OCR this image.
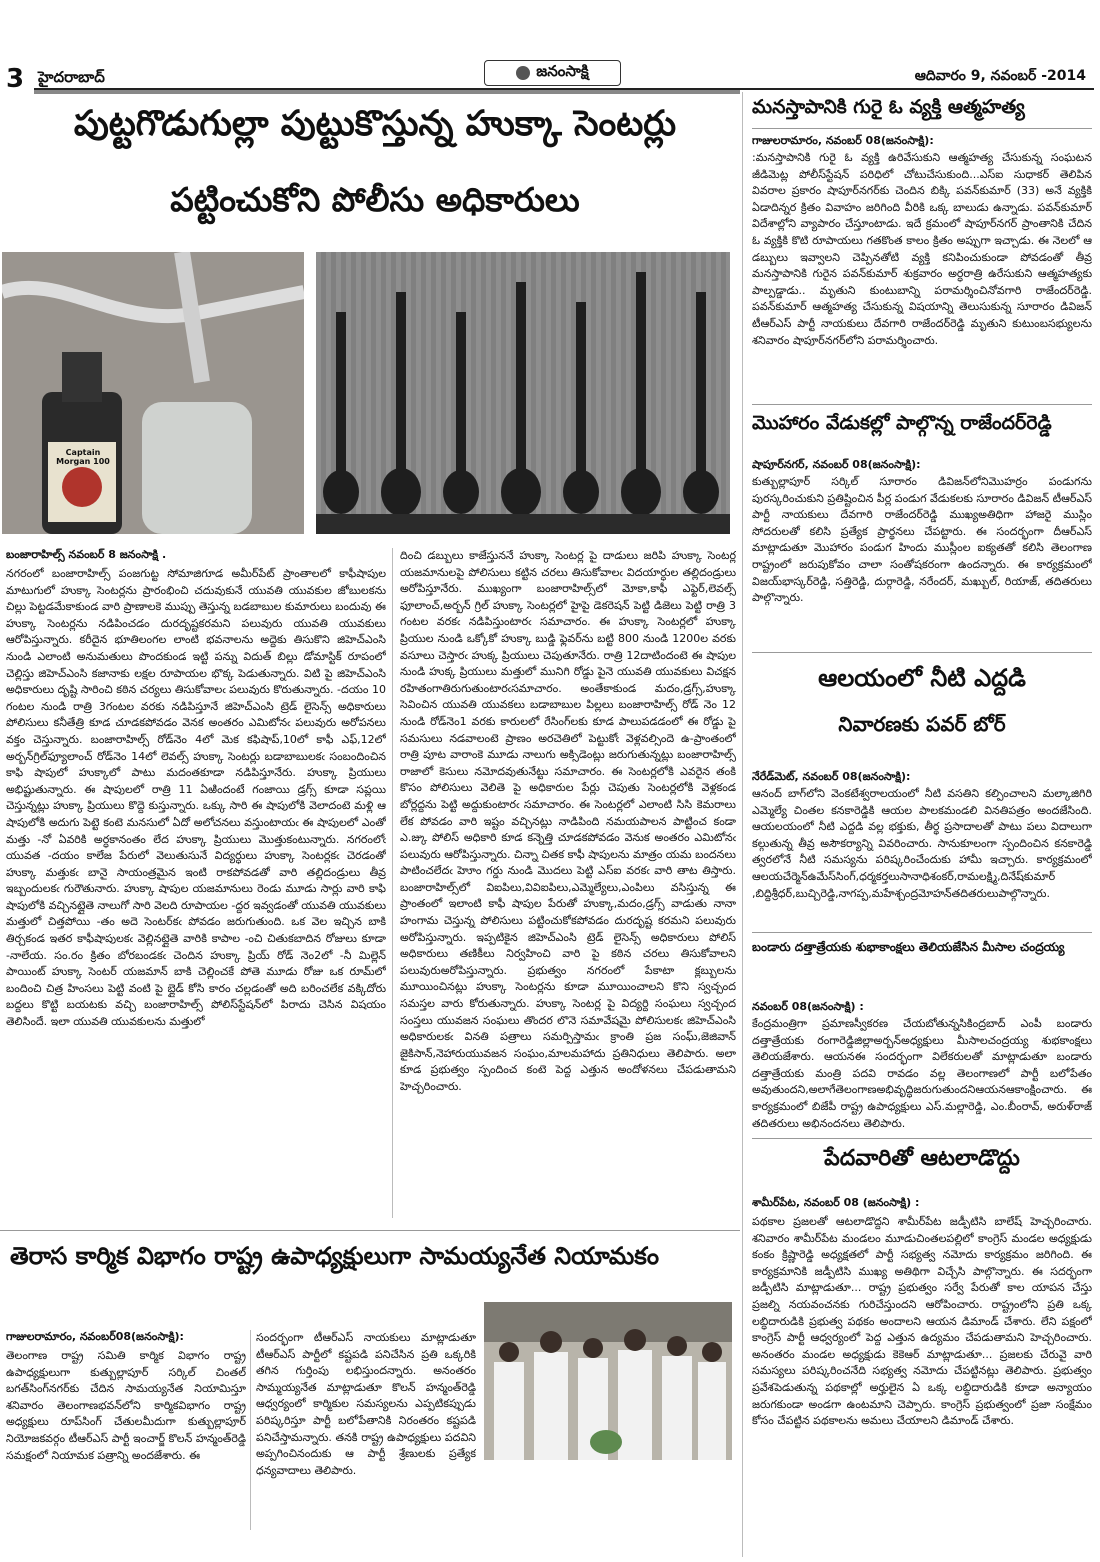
3 హైదరాబాద్	జనంసాక్షి	ఆదివారం 9, నవంబర్ -2014
పుట్టగొడుగుల్లా పుట్టుకొస్తున్న హుక్కా సెంటర్లు
పట్టించుకోని పోలీసు అధికారులు
Captain Morgan 100
బంజారాహిల్స్ నవంబర్ 8 జనంసాక్షి .
నగరంలో బంజారాహిల్స్ పంజగుట్ట సోమాజిగూడ అమీర్‌పేట్ ప్రాంతాలలో కాఫీషాపుల మాటుగులో హుక్కా సెంటర్లను ప్రారంభించి చదువుకునే యువతి యువకుల జోబులకను చిల్లు పెట్టడమేకాకుండ వారి ప్రాణాలకె ముప్పు తెస్తున్న బడబాబుల కుమారులు బందువు ఈ హుక్కా సెంటర్లను నడిపించడం దురదృష్టకరమని పలువురు యువతి యువకులు ఆరోపిస్తున్నారు. కరీదైన భూతిలంగల లాంటి భవనాలను అద్దెకు తిసుకొని జిహెచ్ఎంసి నుండి ఎలాంటి అనుమతులు పొందకుండ ఇట్టి పన్ను విదుత్ బిల్లు డోమాస్టిక్ రూపంలో చెల్లిస్తు జిహెచ్ఎంసి కజానాకు లక్షల రూపాయల భొక్క పెడుతున్నారు. విటి పై జిహెచ్ఎంసి అధికారులు దృష్టి సారించి కఠిన చర్యలు తిసుకోవాలఁ పలువురు కొరుతున్నారు. -దయం 10 గంటల నుండి రాత్రి 3గంటల వరకు నడిపిస్తూనే జిహెచ్ఎంసి ట్రెడ్ లైసెన్స్ అధికారులు పోలిసులు కనీతేత్రి కూడ చూడకపోవడం వెనక అంతరం ఎమిటోనఁ పలువురు అరోపనలు వక్తం చెస్తున్నారు. బంజారాహిల్స్ రోడ్‌నెం 4లో మెక కఫిషాప్,10లో కాఫీ ఎఫ్,12లో అర్బన్‌గ్రిల్‌ఫ్యూలాంచ్ రోడ్‌నెం 14లో లెవల్స్ హుక్కా సెంటర్లు బడాబాబులకఁ సంబందించిన కాఫి షాపులో హుక్కాలో పాటు మదంతకూడా నడిపిస్తూనేరు. హుక్కా ప్రియులు అభిష్టుతున్నారు. ఈ షాపులలో రాత్రి 11 ఏఱిందంటే గంజాయి డ్రగ్స్ కూడా సప్లయి చెస్తున్నట్లు హుక్కా ప్రియులు కొద్దె కుస్తున్నారు. ఒక్కు సారి ఈ షాపులోకి వెలాదంటె మళ్లి ఆ షాపులోకి అదుగు పెట్టె కంటె మనసులో ఏదో అలోచనలు వస్తుంటాయఁ ఈ షాపులలో ఎంతో మత్తు -నో ఏవరికి అర్ధకానంతం లేద హుక్కా ప్రియులు మొత్తుకంటున్నారు. నగరంలోఁ యువత -దయం కాలేజ పేరులో వెలుతుసునే విద్యర్ధులు హుక్కా సెంటర్లకఁ చెరడంతో హుక్కా మత్తుకఁ బానై సాయంత్రమైన ఇంటి రాకపోవడతో వారి తల్లిదండ్రులు తీవ్ర ఇబ్బందులకఁ గురౌతునారు. హుక్కా షాపుల యజమానులు రెండు మూడు సార్లు వారి కాఫి షాపులోకి వచ్చినట్లైతె నాలుగో సారి వెలది రూపాయల -ద్దర ఇవ్వడంతో యువతి యువకులు మత్తులో చిత్తపోయి -తం అదె సెంటర్‌కఁ పోవడం జరుగుతుంది. ఒక వెల ఇచ్చిన బాకి తిర్చకండ ఇతర కాఫీషాపులకఁ వెల్లినట్లైతె వారికి కాపాల -ంచి చితుకబాదిన రోజులు కూడా -నాలేయ. సం.రం క్రితం బోరబండకఁ చెందిన హుక్కా ప్రియ్ రోడ్ నెం2లో -నీ మిల్లెన్ పాయింట్ హుక్కా సెంటర్ యజమాన్ బాకి చెల్లించకే పోతె మూడు రోజు ఒక రూమ్‌లో బందించి చిత్ర హింసలు పెట్టి వంటి పై బ్లైడ్ కోసి కారం చల్లడంతో అది బరించలేక వక్కిదోరు బద్దలు కొట్టి బయటకు వచ్చి బంజారాహిల్స్ పోలిస్‌స్టేషన్‌లో పిరాదు చెసిన విషయం తెలిసిందే. ఇలా యువతి యువకులను మత్తులో
దించి డబ్బులు కాజేస్తుననే హుక్కా సెంటర్ల పై దాడులు జరిపి హుక్కా సెంటర్ల యజమానులపై పోలిసులు కట్టిన చరలు తిసుకోవాలఁ విదయార్ధుల తల్లిదండ్రులు అరోపిస్తూనేరు. ముఖ్యంగా బంజారాహిల్స్‌లో మోకా,కాఫీ ఎఫ్టెర్,లెవల్స్ ఫూలాంచ్,అర్బన్ గ్రిల్ హుక్కా సెంటర్లలో హైపై డెకరెషన్ పెట్టి డిజెలు పెట్టి రాత్రి 3 గంటల వరకఁ నడిపిస్తుంటారఁ సమాచారం. ఈ హుక్కా సెంటర్లలో హుక్కా ప్రియుల నుండి ఒక్కోకో హుక్కా బుడ్డి ఫ్లెవర్‌ను బట్టి 800 నుండి 1200ల వరకు వసూలు చెస్తారఁ హుక్క ప్రియులు చెపుతూనేరు. రాత్రి 12దాటిందంటె ఈ షాపుల నుండి హుక్క ప్రియులు మత్తులో మునిగి రోడ్డు పైనె యువతి యువకులు విచక్షన రహితంగాతిరుగుతుంటారఁసమాచారం. అంతేకాకుండ మదం,డ్రగ్స్,హుక్కా సెవించిన యువతి యువకలు బడాబాబుల పిల్లలు బంజారాహిల్స్ రోడ్ నెం 12 నుండి రోడ్‌నెం1 వరకు కారులలో రేసింగ్‌లకు కూడ పాలుపడడంలో ఈ రోడ్డు పై సమసులు నడవాలంటె ప్రాణం అరచెతిలో పెట్టుకోఁ వెళ్లవల్సిందె ఉ-ప్రాంతంలో రాత్రి పూట వారాంకె మూడు నాలుగు అక్సిడెంట్లు జరుగుతున్నట్లు బంజారాహిల్స్ రాజాలో కెసులు నమోదవుతునేట్టు సమాచారం. ఈ సెంటర్లలోకి ఎవరైన తంకి కొసం పోలిసులు వెలితె పై అధికారుల పేర్లు చెపుతు సెంటర్లలోకి వెళ్లకండ బోర్లద్దను పెట్టి అద్దుకుంటారఁ సమాచారం. ఈ సెంటర్లలో ఎలాంటి సిసి కెమరాలు లేక పోవడం వారి ఇష్టం వచ్చినట్లు నాడిపింది నమయపాలన పాట్టించ కండా ఎ.జ్కు పోలిస్ అధికారి కూడ కన్నెత్తి చూడకపోవడం వెనుక అంతరం ఎమిటోనఁ పలువురు ఆరోపిస్తున్నారు. చిన్నా చితక కాఫీ షాపులను మాత్రం యమ బందనలు పాటించలేదఁ హెూం గర్డు నుండి మొదలు పెట్టి ఎస్ఐ వరకఁ వారి తాట తిస్తారు. బంజారాహిల్స్‌లో విఐపిలు,వివిఐపిలు,ఎమ్మెల్యేలు,ఎంపిలు వసిస్తున్న ఈ ప్రాంతంలో ఇలాంటి కాఫీ షాపుల పేరుతో హుక్కా,మదం,డ్రగ్స్ వాడుతు నానా హంగామ చెస్తున్న పోలిసులు పట్టించుకోకపోవడం దురదృష్ట కరమని పలువురు అరోపిస్తున్నారు. ఇప్పటికైన జిహెచ్ఎంసి ట్రెడ్ లైసెన్స్ అధికారులు పోలిస్ అధికారులు తణికీలు నిర్వహించి వారి పై కఠిన చరలు తిసుకోవాలని పలువురుఅరోపిస్తున్నారు. ప్రభుత్వం నగరంలో పేకాటా క్లబ్బులను మూయించినట్లు హుక్కా సెంటర్లను కూడా మూయించాలని కొని స్వచ్చంద సమస్తల వారు కోరుతున్నారు. హుక్కా సెంటర్ల పై విద్యర్ది సంఘలు స్వచ్చంద సంస్తలు యువజన సంఘలు తొందర లొనె సమావేషమై పోలిసులకఁ జిహెచ్ఎంసి అధికారులకఁ వినతి పత్రాలు సమర్పిస్తామఁ క్రాంతి ప్రజ సంఘ్,జెజివాన్ జైకిసాన్,నెహారుయువజన సంఘం,మాలమహాదు ప్రతినిధులు తెలిపారు. అలా కూడ ప్రభుత్వం స్పందించ కంటె పెద్ద ఎత్తున అందోళనలు చేపడుతామని హెచ్చరించారు.
తెరాస కార్మిక విభాగం రాష్ట్ర ఉపాధ్యక్షులుగా సామయ్యనేత నియామకం
గాజులరామారం, నవంబర్08(జనంసాక్షి):
తెలంగాణ రాష్ట్ర సమితి కార్మిక విభాగం రాష్ట్ర ఉపాధ్యక్షులుగా కుత్బుల్లాపూర్ సర్కిల్ చింతల్ బగత్‌సింగ్‌నగర్‌కు చేదిన సామయ్యనేత నియామిస్తూ శనివారం తెలంగాణభవన్‌లోని కార్మికవిభాగం రాష్ట్ర అధ్యక్షులు రూప్‌సింగ్ చేతులమీదుగా కుత్బుల్లాపూర్ నియోజకవర్గం టీఆర్ఎస్ పార్టీ ఇంచార్జ్ కొలన్ హన్మంత్‌రెడ్డి సమక్షంలో నియామక పత్రాన్ని అందజేశారు. ఈ
సందర్భంగా టీఆర్ఎస్ నాయకులు మాట్లాడుతూ టీఆర్ఎస్ పార్టీలో కష్టపడి పనిచేసిన ప్రతి ఒక్కరికి తగిన గుర్తింపు లభిస్తుందన్నారు. అనంతరం సామ్మయ్యనేత మాట్లాడుతూ కొలన్ హన్మంత్‌రెడ్డి ఆధ్వర్యంలో కార్మికుల సమస్యలను ఎప్పటికప్పుడు పరిష్కరిస్తూ పార్టీ బలోపేతానికి నిరంతరం కష్టపడి పనిచేస్తామన్నారు. తనకి రాష్ట్ర ఉపాధ్యక్షులు పదవిని అప్పగించినందుకు ఆ పార్టీ శ్రేణులకు ప్రత్యేక ధన్యవాదాలు తెలిపారు.
మనస్తాపానికి గురై ఓ వ్యక్తి ఆత్మహత్య
గాజులరామారం, నవంబర్ 08(జనంసాక్షి):
:మనస్తాపానికి గురై ఓ వ్యక్తి ఉరివేసుకుని ఆత్మహత్య చేసుకున్న సంఘటన జీడిమెట్ల పోలీస్‌స్టేషన్ పరిధిలో చోటుచేసుకుంది...ఎస్ఐ సుధాకర్ తెలిపిన వివరాల ప్రకారం షాపూర్‌నగర్‌కు చెందిన బిక్కి పవన్‌కుమార్ (33) అనే వ్యక్తికి ఏడాదిన్నర క్రితం వివాహం జరిగింది వీరికి ఒక్క బాలుడు ఉన్నాడు. పవన్‌కుమార్ విదేశాల్లోని వ్యాపారం చేస్తూంటాడు. ఇదే క్రమంలో షాపూర్‌నగర్ ప్రాంతానికి చేదిన ఓ వ్యక్తికి కొటి రూపాయలు గతకొంత కాలం క్రితం అప్పుగా ఇచ్చాడు. ఈ నెలలో ఆ డబ్బులు ఇవ్వాలని చెప్పినతోటి వ్యక్తి కనిపించుకుండా పోవడంతో తీవ్ర మనస్తాపానికి గురైన పవన్‌కుమార్ శుక్రవారం అర్ధరాత్రి ఉరేసుకుని ఆత్మహత్యకు పాల్పడ్డాడు.. మృతుని కుంటుబాన్ని పరామర్శించినోవగారి రాజేందర్‌రెడ్డి. పవన్‌కుమార్ ఆత్మహత్య చేసుకున్న విషయాన్ని తెలుసుకున్న సూరారం డివిజన్ టీఆర్ఎస్ పార్టీ నాయకులు దేవగారి రాజేందర్‌రెడ్డి మృతుని కుటుంబసభ్యులను శనివారం షాపూర్‌నగర్‌లోని పరామర్శించారు.
మొహారం వేడుకల్లో పాల్గొన్న రాజేందర్‌రెడ్డి
షాపూర్‌నగర్, నవంబర్ 08(జనంసాక్షి):
కుత్బుల్లాపూర్ సర్కిల్ సూరారం డివిజన్‌లోనిమొహర్రం పండుగను పురస్కరించుకుని ప్రతిష్టించిన పీర్ల పండుగ వేడుకలకు సూరారం డివిజన్ టీఆర్ఎస్ పార్టీ నాయకులు దేవగారి రాజేందర్‌రెడ్డి ముఖ్యఅతిధిగా హాజరై ముస్లిం సోదరులతో కలిసి ప్రత్యేక ప్రార్థనలు చేపట్టారు. ఈ సందర్భంగా దీఆర్‌ఎస్ మాట్లాడుతూ మొహారం పండుగ హిందు ముస్లీంల ఐక్యతతో కలిసి తెలంగాణ రాష్ట్రంలో జరుపుకోవం చాలా సంతోషకరంగా ఉందన్నారు. ఈ కార్యక్రమంలో విజయ్‌భాస్కర్‌రెడ్డి, సత్తిరెడ్డి, దుర్గారెడ్డి, నరేందర్, మఖ్బుల్, రియాజ్, తదితరులు పాల్గొన్నారు.
ఆలయంలో నీటి ఎద్దడి
నివారణకు పవర్ బోర్
నేరేడ్‌మెట్, నవంబర్ 08(జనంసాక్షి):
ఆనంద్ బాగ్‌లోని వెంకటేశ్వరాలయంలో నీటి వసతిని కల్పించాలని మల్కాజిగిరి ఎమ్మెల్యే చింతల కనకారెడ్డికి ఆయల పాలకమండలి వినతిపత్రం అందజేసింది. ఆయలయంలో నీటి ఎద్దడి వల్ల భక్తుకు, తీర్థ ప్రసాదాలతో పాటు పలు విదాలుగా కల్గుతున్న తీవ్ర అసౌకర్యాన్ని వివరించారు. సానుకూలంగా స్పందించిన కనకారెడ్డి త్వరలోనే నీటి సమస్యను పరిష్కరించేందుకు హామీ ఇచ్చారు. కార్యక్రమంలో ఆలయచేర్మెన్‌ఉమేస్‌సింగ్,ధర్మకర్తలుసానాధిశంకర్,రామలక్ష్మి,దినేష్‌కుమార్ ,బిద్దిశ్రీధర్,బుచ్చిరెడ్డి,నాగప్ప,మహేశ్చంద్రమోహన్‌తదితరులుపాల్గొన్నారు.
బండారు దత్తాత్రేయకు శుభాకాంక్షలు తెలియజేసిన మీసాల చంద్రయ్య
నవంబర్ 08(జనంసాక్షి) :
కేంద్రమంత్రిగా ప్రమాణస్వీకరణ చేయబోతున్నసికింద్రబాద్ ఎంపీ బండారు దత్తాత్రేయకు రంగారెడ్డిజిల్లాఅర్బన్‌అధ్యక్షులు మీసాలచంద్రయ్య శుభకాంక్షలు తెలియజేశారు. ఆయనఈ సందర్భంగా విలేకరులతో మాట్లాడుతూ బండారు దత్తాత్రేయకు మంత్రి పదవి రావడం వల్ల తెలంగాణలో పార్టీ బలోపేతం అవుతుందని,అలాగేతెలంగాణఅభివృద్ధిజరుగుతుందనిఆయనఆకాంక్షించారు. ఈ కార్యక్రమంలో బిజేపీ రాష్ట్ర ఉపాధ్యక్షులు ఎస్.మల్లారెడ్డి, ఎం.బీంరావ్, అరుళ్‌రాజ్ తదితరులు అభినందనలు తెలిపారు.
పేదవారితో ఆటలాడొద్దు
శామీర్‌పేట, నవంబర్ 08 (జనంసాక్షి) :
పథకాల ప్రజలతో ఆటలాడొద్దని శామీర్‌పేట జడ్పీటిసి బాలేష్ హెచ్చరించారు. శనివారం శామీర్‌పేట మండలం మూడుచింతలపల్లిలో కాంగ్రెస్ మండల అధ్యక్షుడు కంకం క్రిష్ణారెడ్డి అధ్యక్షతలో పార్టీ సభ్యత్వ నమోదు కార్యక్రమం జరిగింది. ఈ కార్యక్రమానికి జడ్పీటిసి ముఖ్య అతిథిగా విచ్చేసి పాల్గొన్నారు. ఈ సదర్భంగా జడ్పీటిసి మాట్లాడుతూ... రాష్ట్ర ప్రభుత్వం సర్వే పేరుతో కాల యాపన చేస్తు ప్రజల్ని నయవంచనకు గురిచేస్తుందని ఆరోపించారు. రాష్ట్రంలోని ప్రతి ఒక్క లబ్ధిదారుడికి ప్రభుత్వ పథకం అందాలని ఆయన డిమాండ్ చేశారు. లేని పక్షంలో కాంగ్రెస్ పార్టీ ఆధ్వర్యంలో పెద్ద ఎత్తున ఉద్యమం చేపడుతామని హెచ్చరించారు. అనంతరం మండల అధ్యక్షుడు కెకెఆర్ మాట్లాడుతూ... ప్రజలకు చేరువై వారి సమస్యలు పరిష్కరించనేది సభ్యత్వ నమోదు చేపట్టినట్లు తెలిపారు. ప్రభుత్వం ప్రవేశపెడుతున్న పథకాల్లో అర్హులైన ఏ ఒక్క లబ్ధిదారుడికి కూడా అన్యాయం జరుగకుండా అండగా ఉంటమాని చెప్పారు. కాంగ్రెస్ ప్రభుత్వంలో ప్రజా సంక్షేమం కోసం చేపట్టిన పథకాలను అమలు చేయాలని డిమాండ్ చేశారు.
